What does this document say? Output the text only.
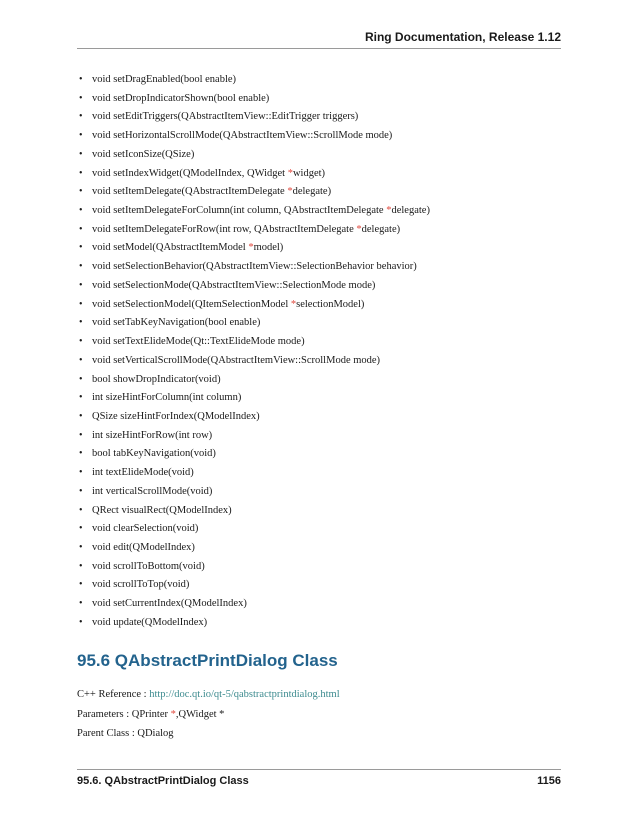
Ring Documentation, Release 1.12
• void setDragEnabled(bool enable)
• void setDropIndicatorShown(bool enable)
• void setEditTriggers(QAbstractItemView::EditTrigger triggers)
• void setHorizontalScrollMode(QAbstractItemView::ScrollMode mode)
• void setIconSize(QSize)
• void setIndexWidget(QModelIndex, QWidget *widget)
• void setItemDelegate(QAbstractItemDelegate *delegate)
• void setItemDelegateForColumn(int column, QAbstractItemDelegate *delegate)
• void setItemDelegateForRow(int row, QAbstractItemDelegate *delegate)
• void setModel(QAbstractItemModel *model)
• void setSelectionBehavior(QAbstractItemView::SelectionBehavior behavior)
• void setSelectionMode(QAbstractItemView::SelectionMode mode)
• void setSelectionModel(QItemSelectionModel *selectionModel)
• void setTabKeyNavigation(bool enable)
• void setTextElideMode(Qt::TextElideMode mode)
• void setVerticalScrollMode(QAbstractItemView::ScrollMode mode)
• bool showDropIndicator(void)
• int sizeHintForColumn(int column)
• QSize sizeHintForIndex(QModelIndex)
• int sizeHintForRow(int row)
• bool tabKeyNavigation(void)
• int textElideMode(void)
• int verticalScrollMode(void)
• QRect visualRect(QModelIndex)
• void clearSelection(void)
• void edit(QModelIndex)
• void scrollToBottom(void)
• void scrollToTop(void)
• void setCurrentIndex(QModelIndex)
• void update(QModelIndex)
95.6 QAbstractPrintDialog Class
C++ Reference : http://doc.qt.io/qt-5/qabstractprintdialog.html
Parameters : QPrinter *,QWidget *
Parent Class : QDialog
95.6. QAbstractPrintDialog Class	1156
